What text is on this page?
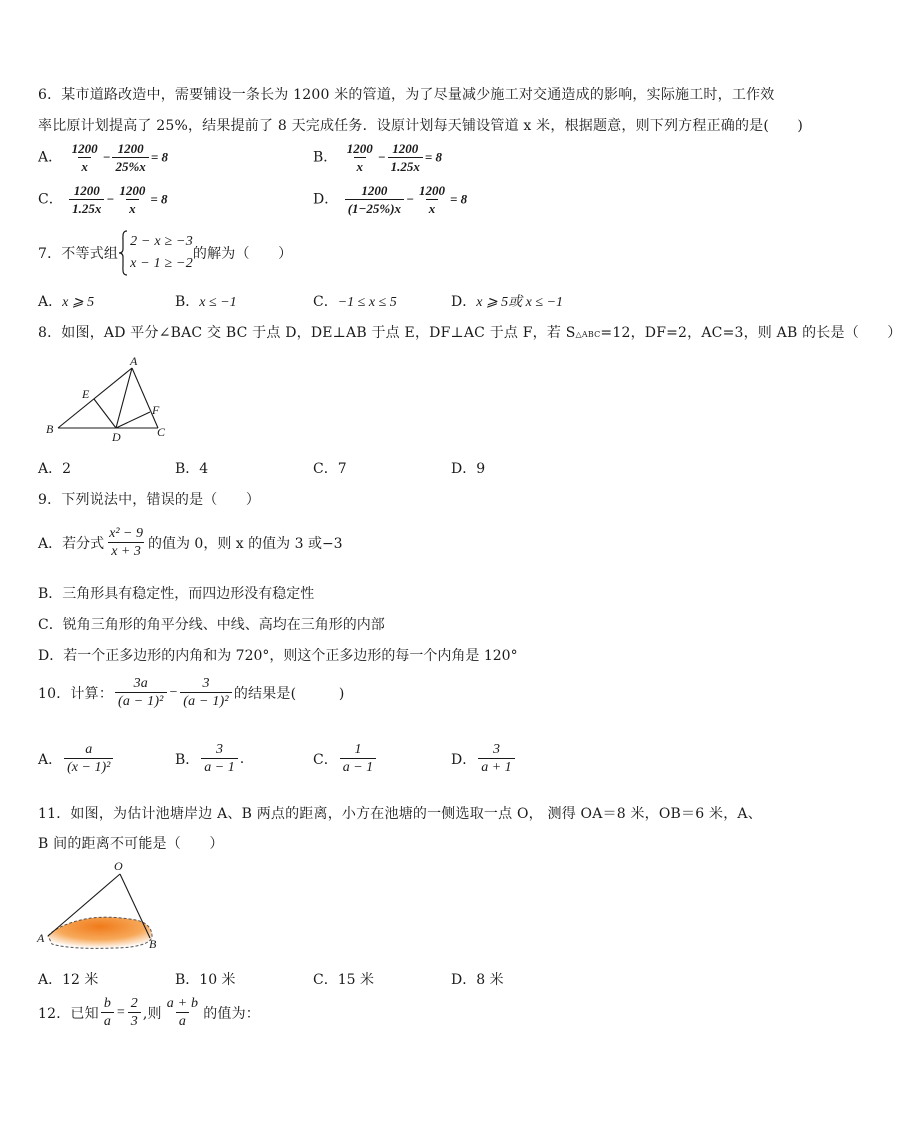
6．某市道路改造中，需要铺设一条长为 1200 米的管道，为了尽量减少施工对交通造成的影响，实际施工时，工作效
率比原计划提高了 25%，结果提前了 8 天完成任务．设原计划每天铺设管道 x 米，根据题意，则下列方程正确的是(　　)
A． $\frac{1200}{x} - \frac{1200}{25\%x} = 8$	B． $\frac{1200}{x} - \frac{1200}{1.25x} = 8$
C． $\frac{1200}{1.25x} - \frac{1200}{x} = 8$	D． $\frac{1200}{(1-25\%)x} - \frac{1200}{x} = 8$
7．不等式组
2 − x ≥ −3
x − 1 ≥ −2
的解为（　　）
A．x ⩾ 5	B．x ≤ −1	C．−1 ≤ x ≤ 5	D．x ⩾ 5或 x ≤ −1
8．如图，AD 平分∠BAC 交 BC 于点 D，DE⊥AB 于点 E，DF⊥AC 于点 F，若 S△ABC=12，DF=2，AC=3，则 AB 的长是（　　）
A
B	C
D
E
F
A．2	B．4	C．7	D．9
9．下列说法中，错误的是（　　）
A．若分式 $\frac{\text{x² − 9}}{x + 3}$ 的值为 0，则 x 的值为 3 或−3
B．三角形具有稳定性，而四边形没有稳定性
C．锐角三角形的角平分线、中线、高均在三角形的内部
D．若一个正多边形的内角和为 720°，则这个正多边形的每一个内角是 120°
10．计算： $\frac{3a}{\text{(a − 1)²}} - \frac{3}{\text{(a − 1)²}}$ 的结果是(　　　)
A． $\frac{a}{\text{(x − 1)²}}$	B． $\frac{3}{a - 1}$ .	C． $\frac{1}{a - 1}$	D． $\frac{3}{a + 1}$
11．如图，为估计池塘岸边 A、B 两点的距离，小方在池塘的一侧选取一点 O， 测得 OA＝8 米，OB＝6 米，A、
B 间的距离不可能是（　　）
O
A	B
A．12 米	B．10 米	C．15 米	D．8 米
12．已知 $\frac{b}{a} = \frac{2}{3}$ ,则 $\frac{a + b}{a}$ 的值为：
